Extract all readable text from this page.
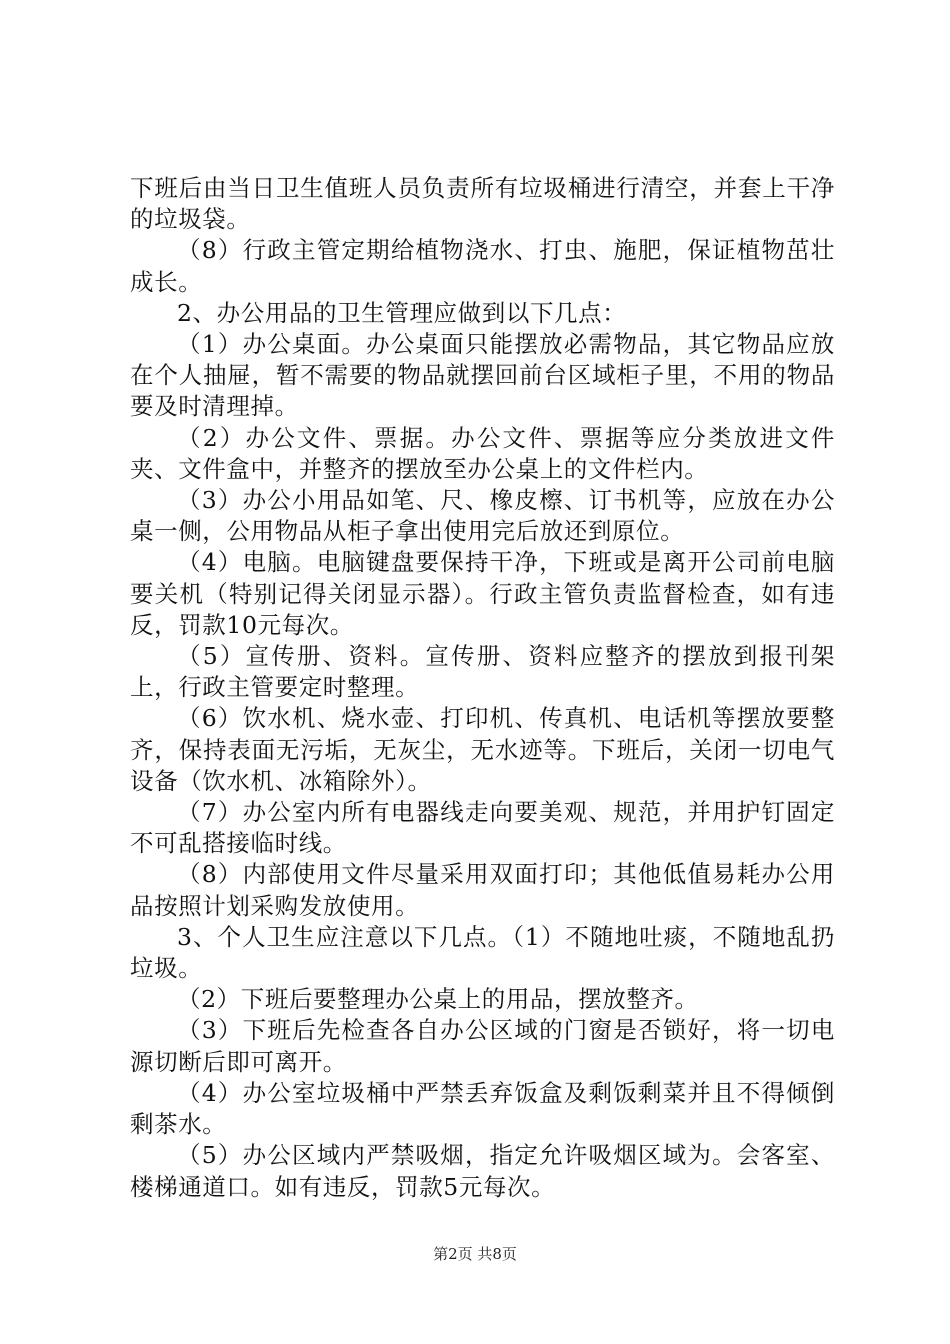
下班后由当日卫生值班人员负责所有垃圾桶进行清空，并套上干净的垃圾袋。

（8）行政主管定期给植物浇水、打虫、施肥，保证植物茁壮成长。

2、办公用品的卫生管理应做到以下几点：

（1）办公桌面。办公桌面只能摆放必需物品，其它物品应放在个人抽屉，暂不需要的物品就摆回前台区域柜子里，不用的物品要及时清理掉。

（2）办公文件、票据。办公文件、票据等应分类放进文件夹、文件盒中，并整齐的摆放至办公桌上的文件栏内。

（3）办公小用品如笔、尺、橡皮檫、订书机等，应放在办公桌一侧，公用物品从柜子拿出使用完后放还到原位。

（4）电脑。电脑键盘要保持干净，下班或是离开公司前电脑要关机（特别记得关闭显示器）。行政主管负责监督检查，如有违反，罚款10元每次。

（5）宣传册、资料。宣传册、资料应整齐的摆放到报刊架上，行政主管要定时整理。

（6）饮水机、烧水壶、打印机、传真机、电话机等摆放要整齐，保持表面无污垢，无灰尘，无水迹等。下班后，关闭一切电气设备（饮水机、冰箱除外）。

（7）办公室内所有电器线走向要美观、规范，并用护钉固定不可乱搭接临时线。

（8）内部使用文件尽量采用双面打印；其他低值易耗办公用品按照计划采购发放使用。

3、个人卫生应注意以下几点。（1）不随地吐痰，不随地乱扔垃圾。

（2）下班后要整理办公桌上的用品，摆放整齐。

（3）下班后先检查各自办公区域的门窗是否锁好，将一切电源切断后即可离开。

（4）办公室垃圾桶中严禁丢弃饭盒及剩饭剩菜并且不得倾倒剩茶水。

（5）办公区域内严禁吸烟，指定允许吸烟区域为。会客室、楼梯通道口。如有违反，罚款5元每次。

第2页 共8页
